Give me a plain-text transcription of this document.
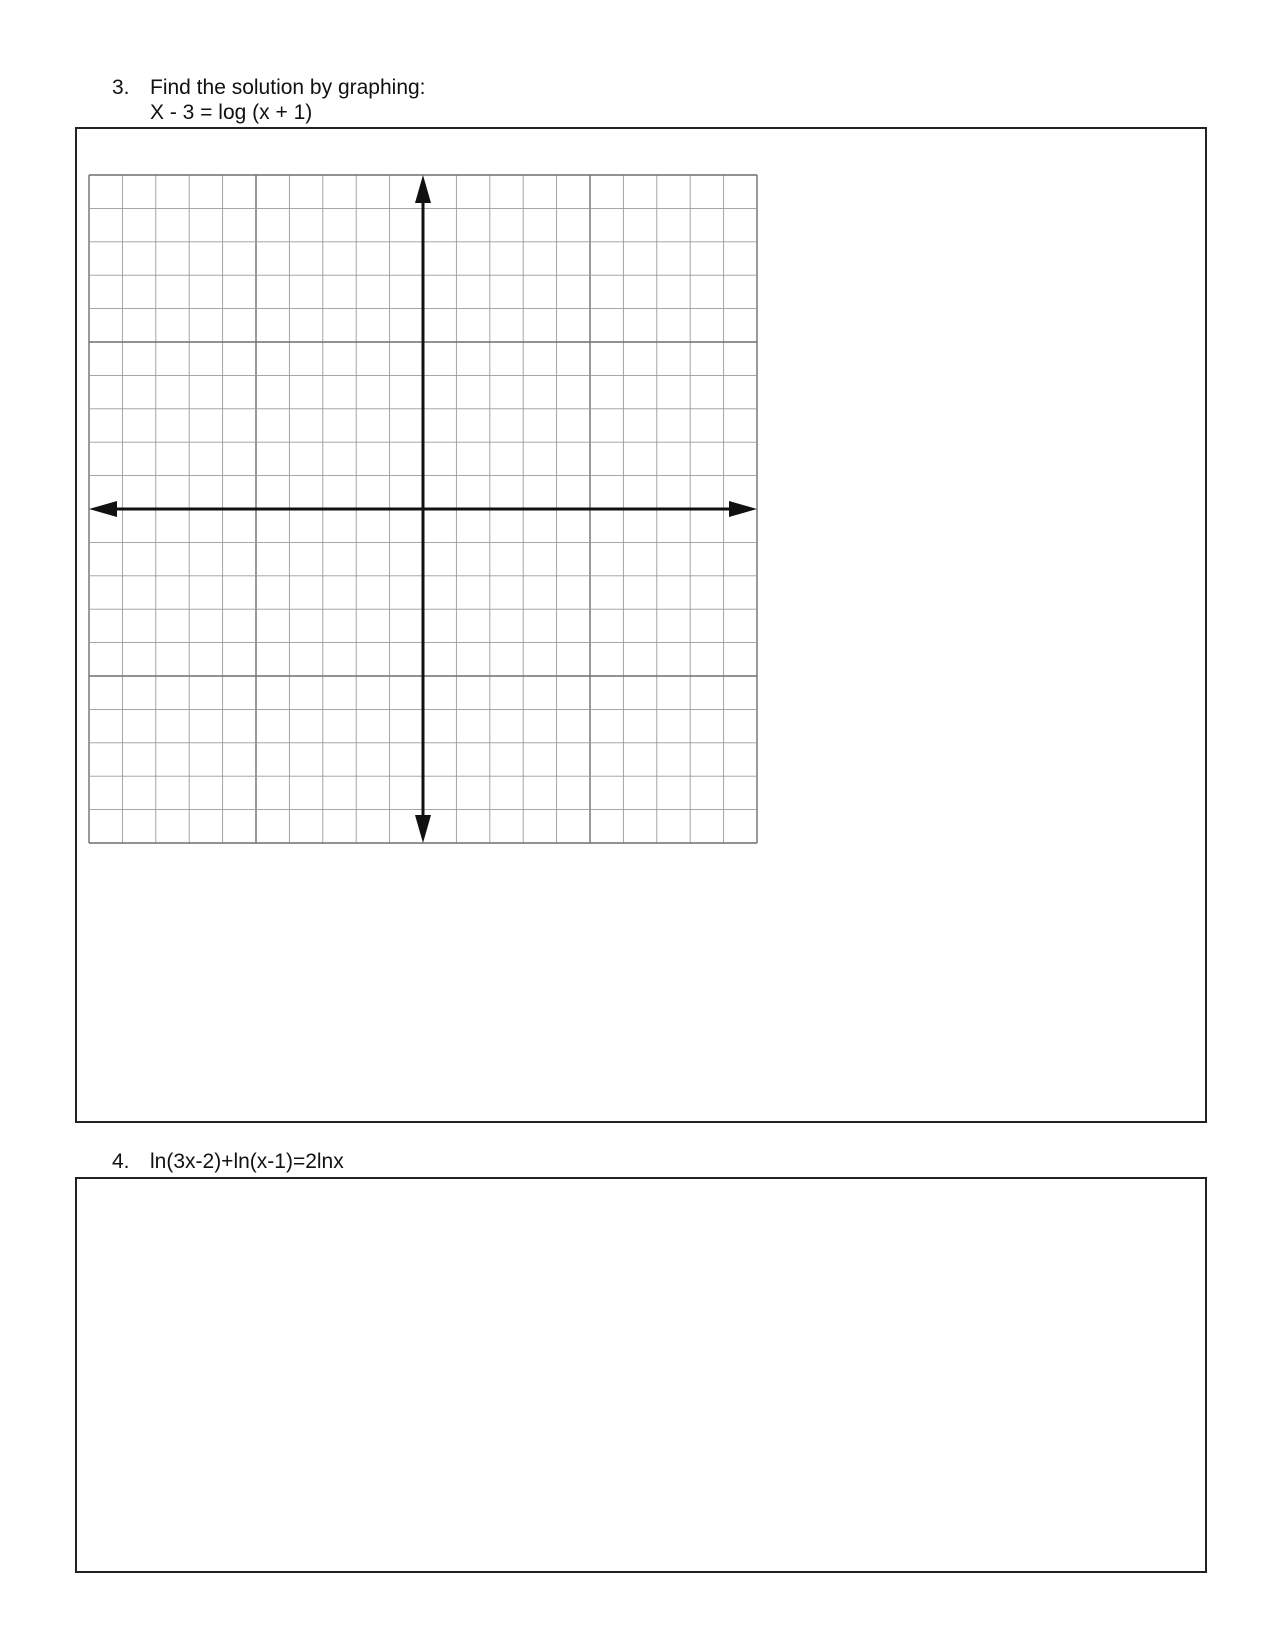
3. Find the solution by graphing:
X - 3 = log (x + 1)
4. ln(3x-2)+ln(x-1)=2lnx
